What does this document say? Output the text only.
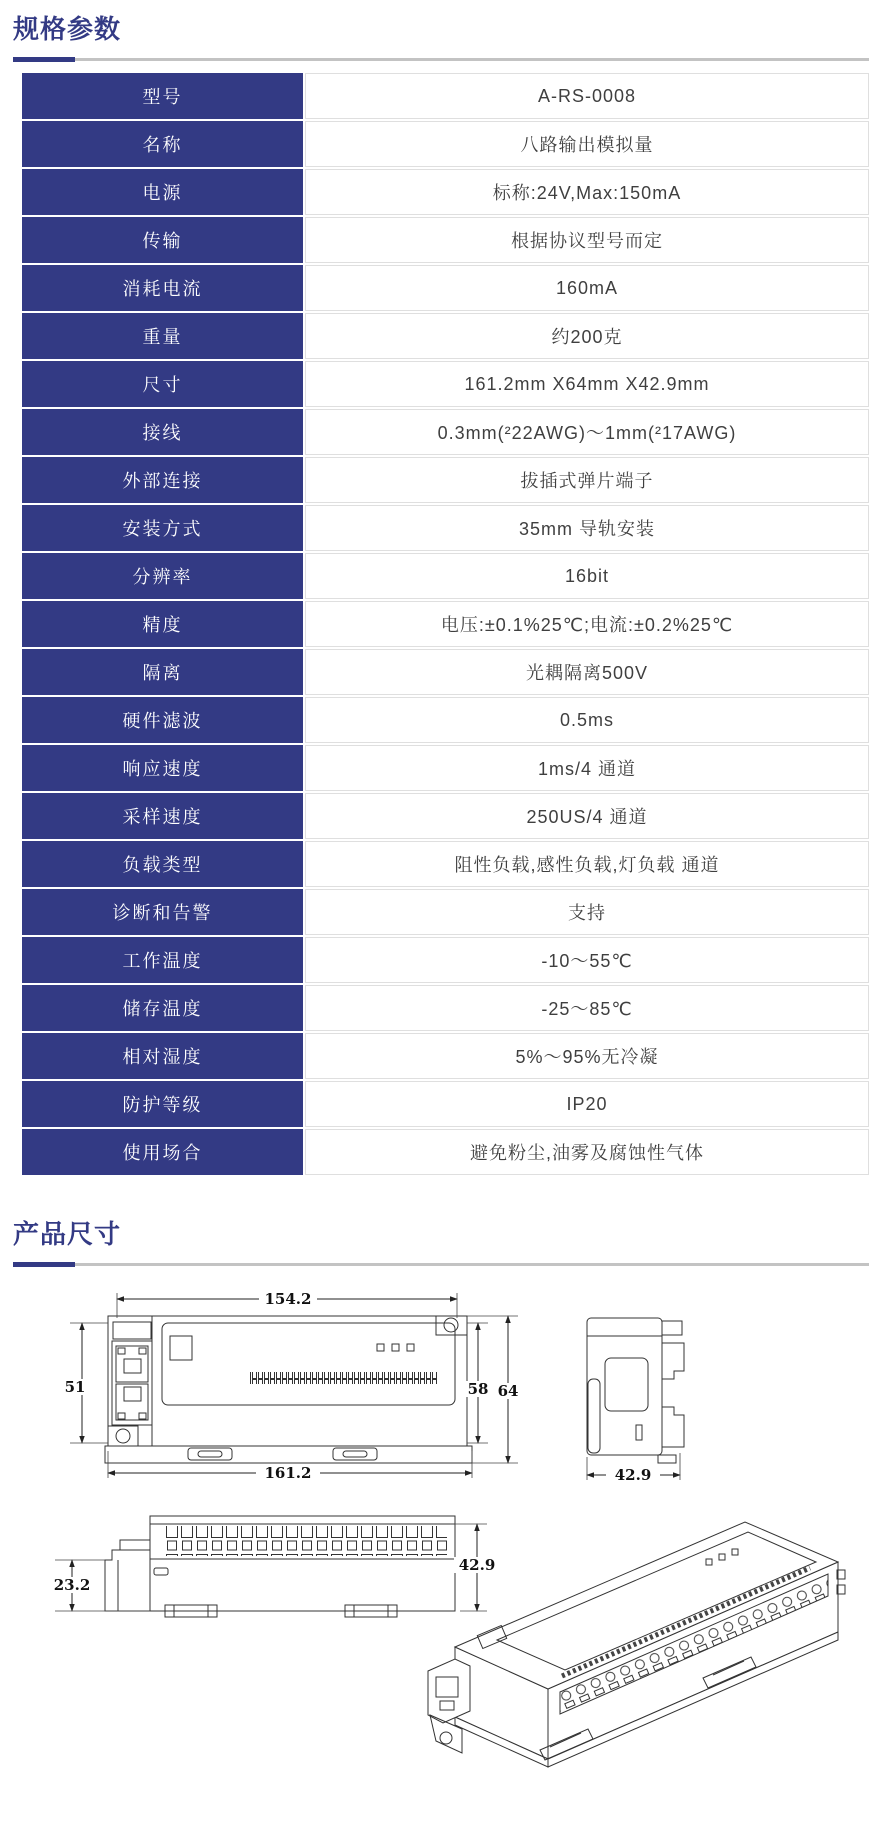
规格参数
型号	A-RS-0008
名称	八路输出模拟量
电源	标称:24V,Max:150mA
传输	根据协议型号而定
消耗电流	160mA
重量	约200克
尺寸	161.2mm X64mm X42.9mm
接线	0.3mm(²22AWG)～1mm(²17AWG)
外部连接	拔插式弹片端子
安装方式	35mm 导轨安装
分辨率	16bit
精度	电压:±0.1%25℃;电流:±0.2%25℃
隔离	光耦隔离500V
硬件滤波	0.5ms
响应速度	1ms/4 通道
采样速度	250US/4 通道
负载类型	阻性负载,感性负载,灯负载 通道
诊断和告警	支持
工作温度	-10～55℃
储存温度	-25～85℃
相对湿度	5%～95%无冷凝
防护等级	IP20
使用场合	避免粉尘,油雾及腐蚀性气体
产品尺寸
154.2
51	58 64
161.2	42.9
23.2
42.9
